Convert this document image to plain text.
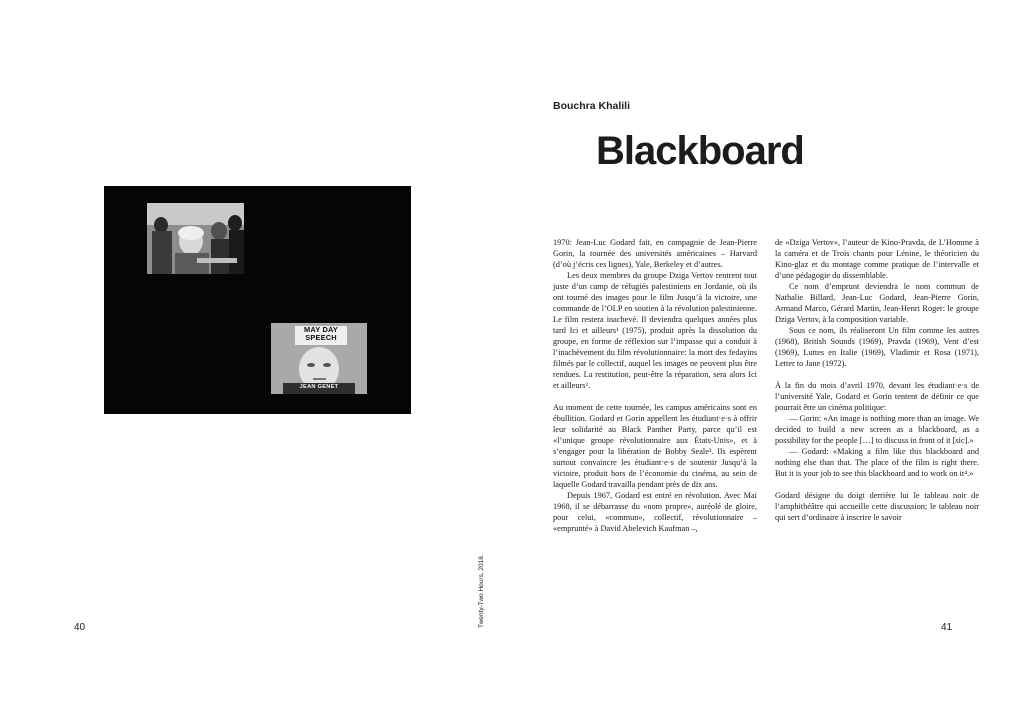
MAY DAY SPEECH
JEAN GENET
Twenty-Two Hours, 2018.
40
Bouchra Khalili
Blackboard

1970: Jean-Luc Godard fait, en compagnie de Jean-Pierre Gorin, la tournée des universités américaines – Harvard (d’où j’écris ces lignes), Yale, Berkeley et d’autres.

Les deux membres du groupe Dziga Vertov rentrent tout juste d’un camp de réfugiés palestiniens en Jordanie, où ils ont tourné des images pour le film Jusqu’à la victoire, une commande de l’OLP en soutien à la révolution palestinienne. Le film restera inachevé. Il deviendra quelques années plus tard Ici et ailleurs¹ (1975), produit après la dissolution du groupe, en forme de réflexion sur l’impasse qui a conduit à l’inachèvement du film révolutionnaire: la mort des fedayins filmés par le collectif, auquel les images ne peuvent plus être rendues. La restitution, peut-être la réparation, sera alors Ici et ailleurs².

Au moment de cette tournée, les campus américains sont en ébullition. Godard et Gorin appellent les étudiant·e·s à offrir leur solidarité au Black Panther Party, parce qu’il est «l’unique groupe révolutionnaire aux États-Unis», et à s’engager pour la libération de Bobby Seale³. Ils espèrent surtout convaincre les étudiant·e·s de soutenir Jusqu’à la victoire, produit hors de l’économie du cinéma, au sein de laquelle Godard travailla pendant près de dix ans.

Depuis 1967, Godard est entré en révolution. Avec Mai 1968, il se débarrasse du «nom propre», auréolé de gloire, pour celui, «commun», collectif, révolutionnaire – «emprunté» à David Abelevich Kaufman –,

de «Dziga Vertov», l’auteur de Kino-Pravda, de L’Homme à la caméra et de Trois chants pour Lénine, le théoricien du Kino-glaz et du montage comme pratique de l’intervalle et d’une pédagogie du dissemblable.

Ce nom d’emprunt deviendra le nom commun de Nathalie Billard, Jean-Luc Godard, Jean-Pierre Gorin, Armand Marco, Gérard Martin, Jean-Henri Roger: le groupe Dziga Vertov, à la composition variable.

Sous ce nom, ils réaliseront Un film comme les autres (1968), British Sounds (1969), Pravda (1969), Vent d’est (1969), Luttes en Italie (1969), Vladimir et Rosa (1971), Letter to Jane (1972).

À la fin du mois d’avril 1970, devant les étudiant·e·s de l’université Yale, Godard et Gorin tentent de définir ce que pourrait être un cinéma politique:

— Gorin: «An image is nothing more than an image. We decided to build a new screen as a blackboard, as a possibility for the people […] to discuss in front of it [sic].»

— Godard: «Making a film like this blackboard and nothing else than that. The place of the film is right there. But it is your job to see this blackboard and to work on it⁴.»

Godard désigne du doigt derrière lui le tableau noir de l’amphithéâtre qui accueille cette discussion; le tableau noir qui sert d’ordinaire à inscrire le savoir

41
